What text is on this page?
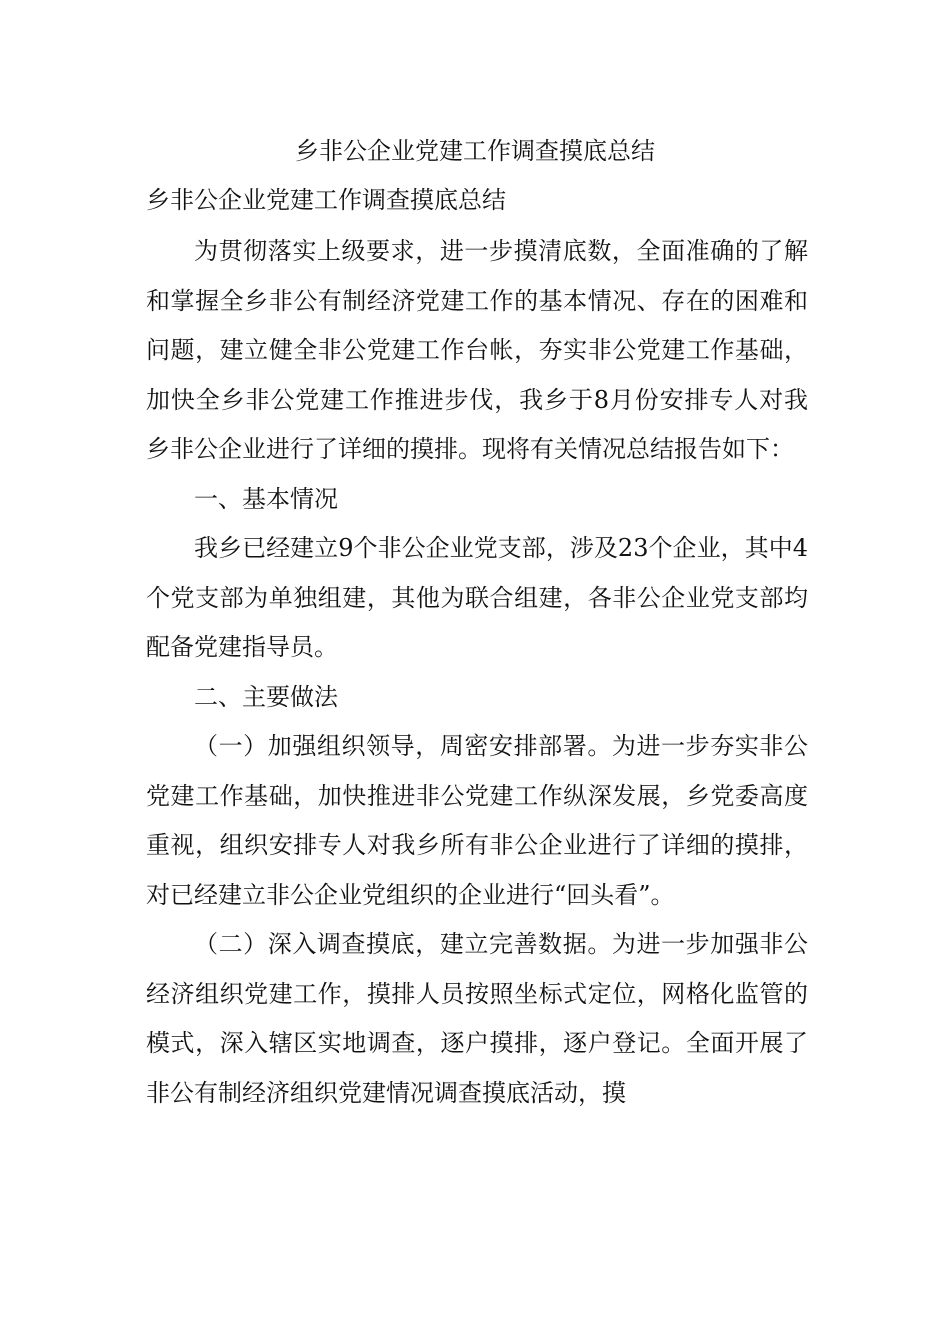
乡非公企业党建工作调查摸底总结

乡非公企业党建工作调查摸底总结

为贯彻落实上级要求，进一步摸清底数，全面准确的了解和掌握全乡非公有制经济党建工作的基本情况、存在的困难和问题，建立健全非公党建工作台帐，夯实非公党建工作基础，加快全乡非公党建工作推进步伐，我乡于8月份安排专人对我乡非公企业进行了详细的摸排。现将有关情况总结报告如下：

一、基本情况

我乡已经建立9个非公企业党支部，涉及23个企业，其中4个党支部为单独组建，其他为联合组建，各非公企业党支部均配备党建指导员。

二、主要做法

（一）加强组织领导，周密安排部署。为进一步夯实非公党建工作基础，加快推进非公党建工作纵深发展，乡党委高度重视，组织安排专人对我乡所有非公企业进行了详细的摸排，对已经建立非公企业党组织的企业进行“回头看”。

（二）深入调查摸底，建立完善数据。为进一步加强非公经济组织党建工作，摸排人员按照坐标式定位，网格化监管的模式，深入辖区实地调查，逐户摸排，逐户登记。全面开展了非公有制经济组织党建情况调查摸底活动，摸
